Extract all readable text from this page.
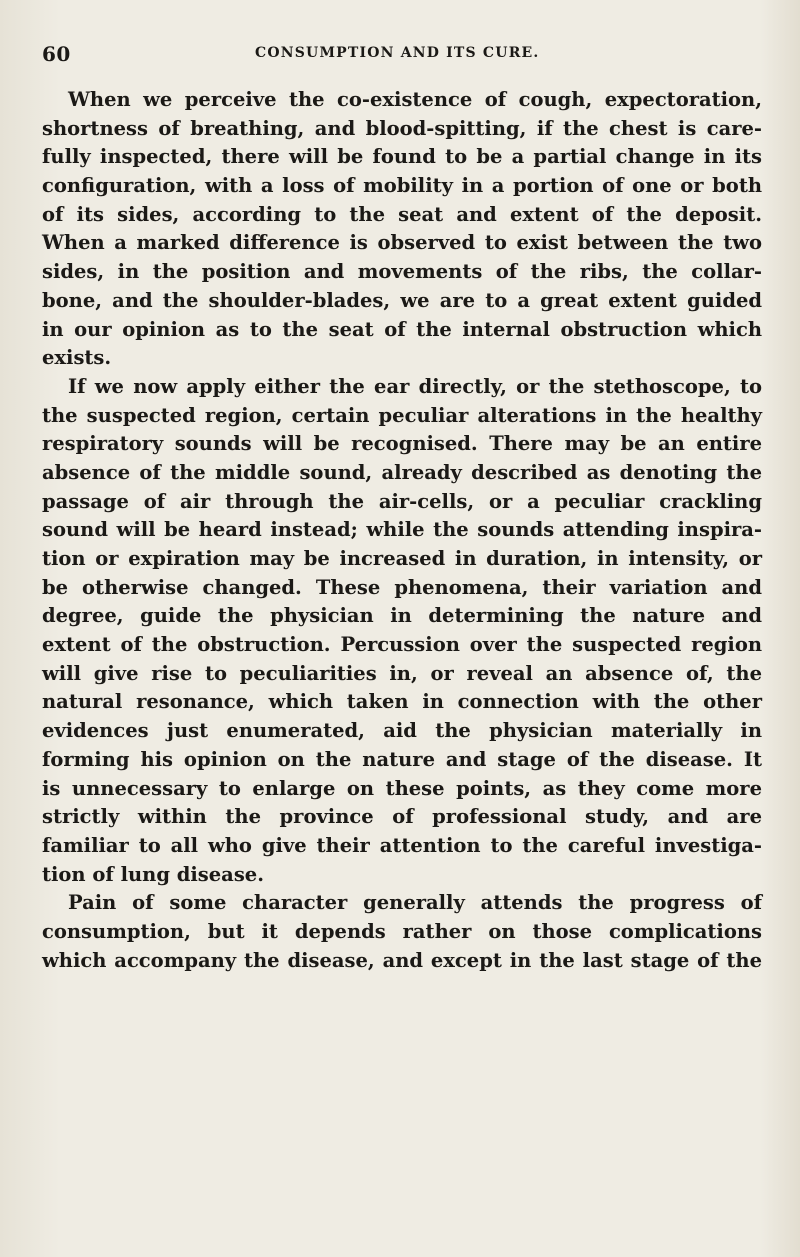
60	CONSUMPTION AND ITS CURE.
When we perceive the co-existence of cough, expectoration,
shortness of breathing, and blood-spitting, if the chest is care-
fully inspected, there will be found to be a partial change in its
configuration, with a loss of mobility in a portion of one or both
of its sides, according to the seat and extent of the deposit.
When a marked difference is observed to exist between the two
sides, in the position and movements of the ribs, the collar-
bone, and the shoulder-blades, we are to a great extent guided
in our opinion as to the seat of the internal obstruction which
exists.
If we now apply either the ear directly, or the stethoscope, to
the suspected region, certain peculiar alterations in the healthy
respiratory sounds will be recognised. There may be an entire
absence of the middle sound, already described as denoting the
passage of air through the air-cells, or a peculiar crackling
sound will be heard instead; while the sounds attending inspira-
tion or expiration may be increased in duration, in intensity, or
be otherwise changed. These phenomena, their variation and
degree, guide the physician in determining the nature and
extent of the obstruction. Percussion over the suspected region
will give rise to peculiarities in, or reveal an absence of, the
natural resonance, which taken in connection with the other
evidences just enumerated, aid the physician materially in
forming his opinion on the nature and stage of the disease. It
is unnecessary to enlarge on these points, as they come more
strictly within the province of professional study, and are
familiar to all who give their attention to the careful investiga-
tion of lung disease.
Pain of some character generally attends the progress of
consumption, but it depends rather on those complications
which accompany the disease, and except in the last stage of the
